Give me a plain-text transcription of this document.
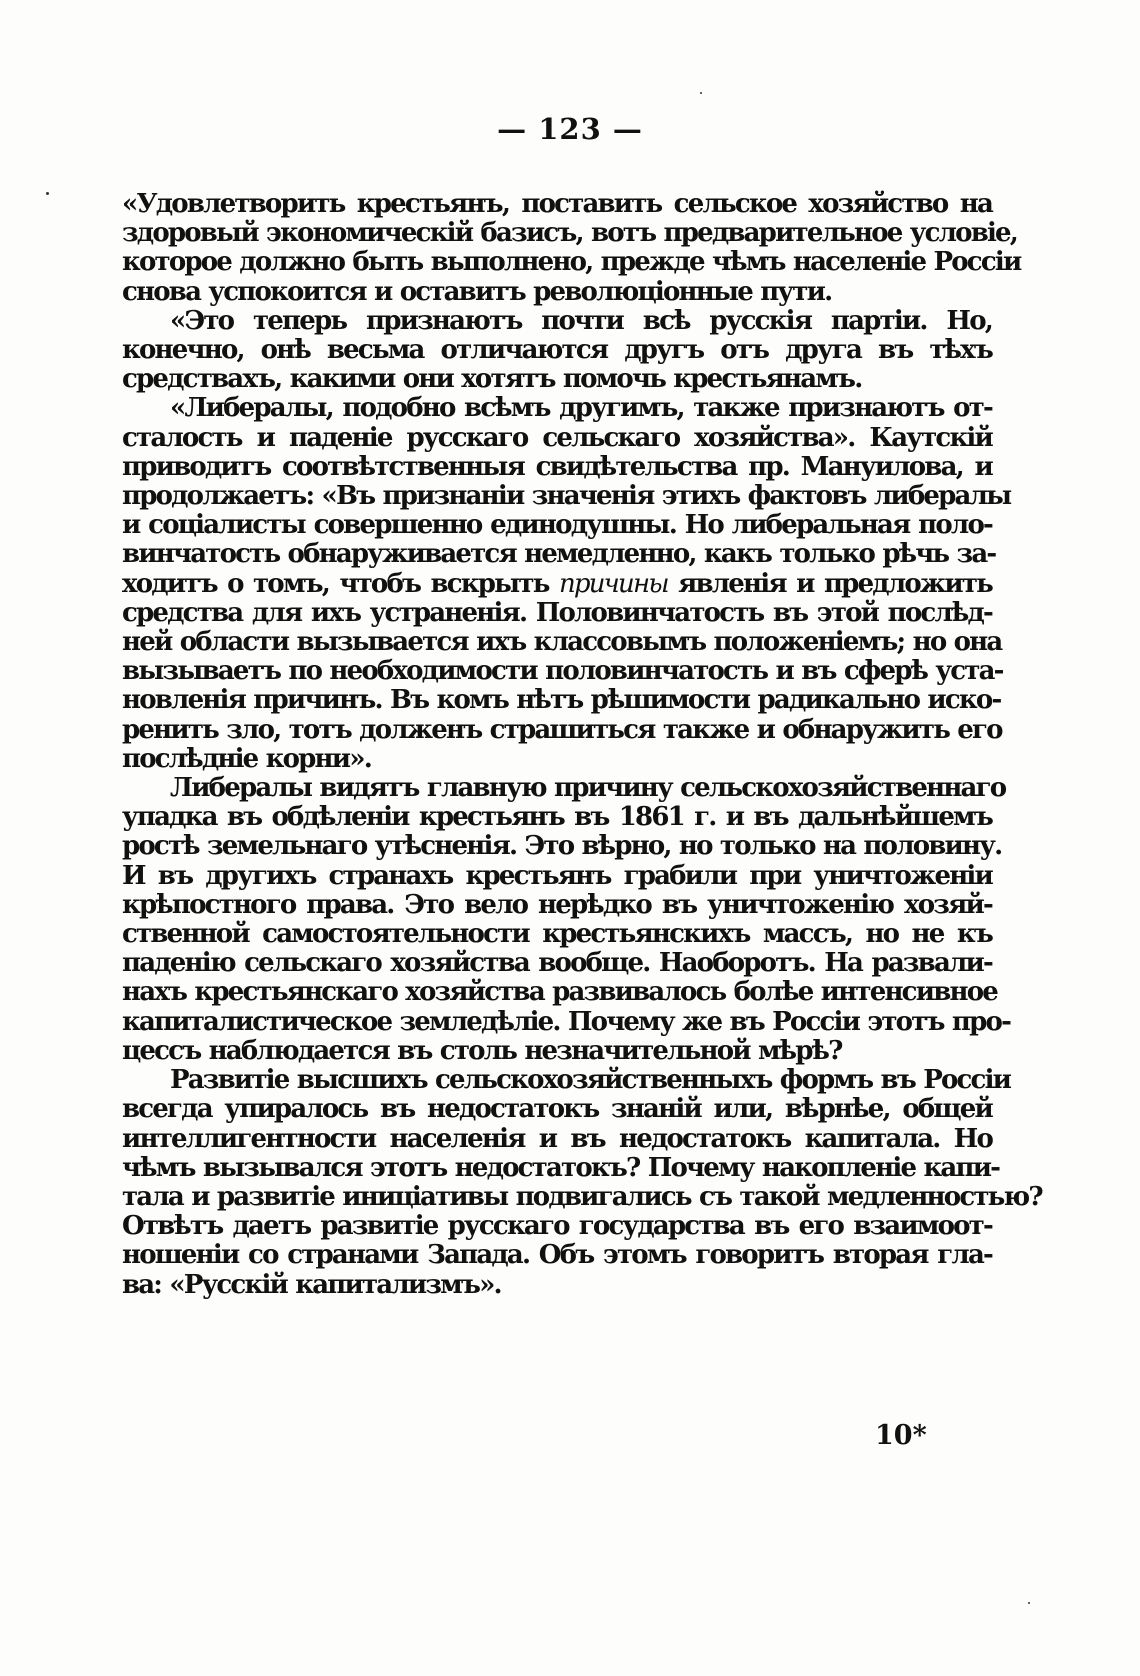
— 123 —
«Удовлетворить крестьянъ, поставить сельское хозяйство на
здоровый экономическій базисъ, вотъ предварительное условіе,
которое должно быть выполнено, прежде чѣмъ населеніе Россіи
снова успокоится и оставитъ революціонные пути.
«Это теперь признаютъ почти всѣ русскія партіи. Но,
конечно, онѣ весьма отличаются другъ отъ друга въ тѣхъ
средствахъ, какими они хотятъ помочь крестьянамъ.
«Либералы, подобно всѣмъ другимъ, также признаютъ от-
сталость и паденіе русскаго сельскаго хозяйства». Каутскій
приводитъ соотвѣтственныя свидѣтельства пр. Мануилова, и
продолжаетъ: «Въ признаніи значенія этихъ фактовъ либералы
и соціалисты совершенно единодушны. Но либеральная поло-
винчатость обнаруживается немедленно, какъ только рѣчь за-
ходитъ о томъ, чтобъ вскрыть причины явленія и предложить
средства для ихъ устраненія. Половинчатость въ этой послѣд-
ней области вызывается ихъ классовымъ положеніемъ; но она
вызываетъ по необходимости половинчатость и въ сферѣ уста-
новленія причинъ. Въ комъ нѣтъ рѣшимости радикально иско-
ренить зло, тотъ долженъ страшиться также и обнаружить его
послѣдніе корни».
Либералы видятъ главную причину сельскохозяйственнаго
упадка въ обдѣленіи крестьянъ въ 1861 г. и въ дальнѣйшемъ
ростѣ земельнаго утѣсненія. Это вѣрно, но только на половину.
И въ другихъ странахъ крестьянъ грабили при уничтоженіи
крѣпостного права. Это вело нерѣдко въ уничтоженію хозяй-
ственной самостоятельности крестьянскихъ массъ, но не къ
паденію сельскаго хозяйства вообще. Наоборотъ. На развали-
нахъ крестьянскаго хозяйства развивалось болѣе интенсивное
капиталистическое земледѣліе. Почему же въ Россіи этотъ про-
цессъ наблюдается въ столь незначительной мѣрѣ?
Развитіе высшихъ сельскохозяйственныхъ формъ въ Россіи
всегда упиралось въ недостатокъ знаній или, вѣрнѣе, общей
интеллигентности населенія и въ недостатокъ капитала. Но
чѣмъ вызывался этотъ недостатокъ? Почему накопленіе капи-
тала и развитіе иниціативы подвигались съ такой медленностью?
Отвѣтъ даетъ развитіе русскаго государства въ его взаимоот-
ношеніи со странами Запада. Объ этомъ говоритъ вторая гла-
ва: «Русскій капитализмъ».
10*
